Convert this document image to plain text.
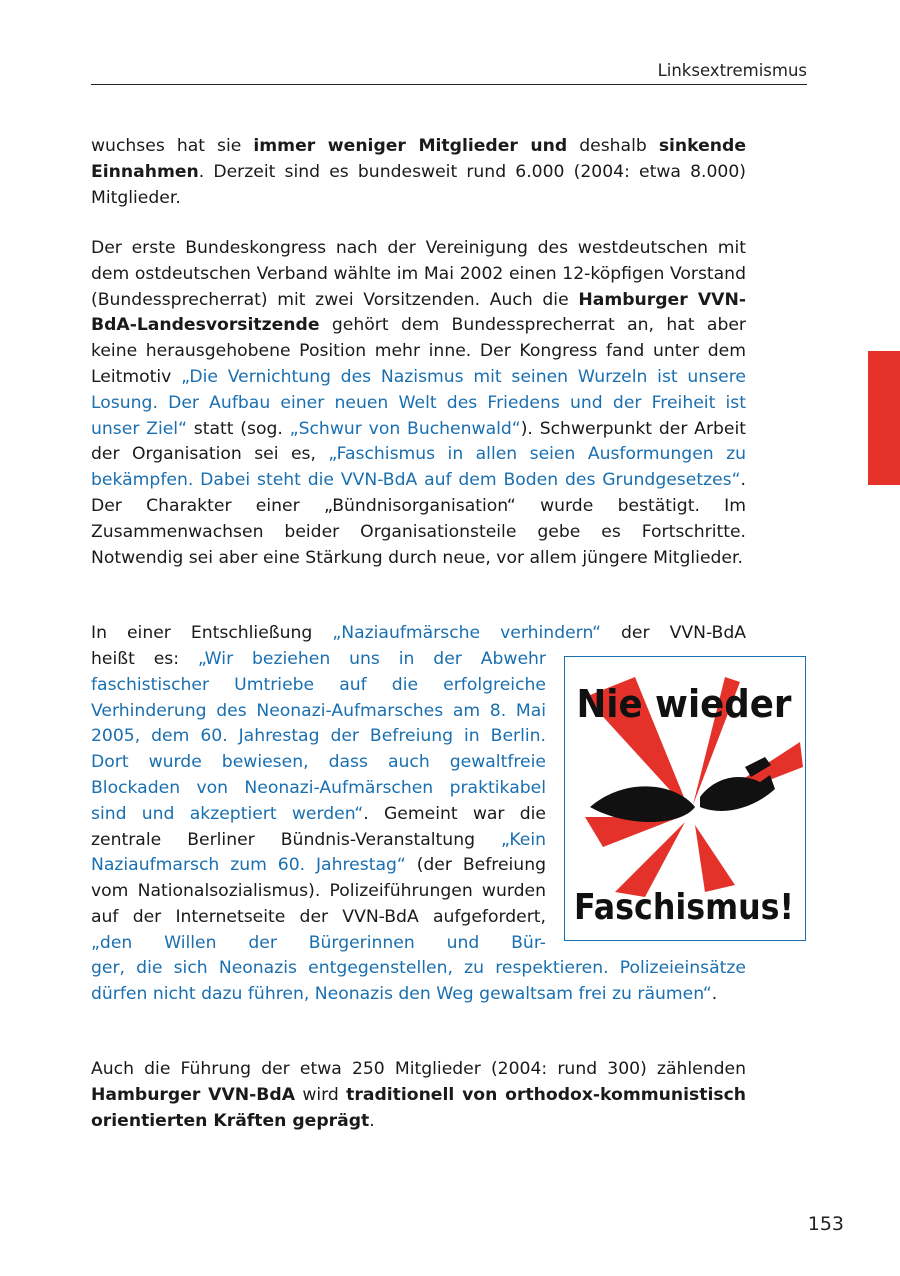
Linksextremismus

wuchses hat sie immer weniger Mitglieder und deshalb sinkende Einnahmen. Derzeit sind es bundesweit rund 6.000 (2004: etwa 8.000) Mitglieder.

Der erste Bundeskongress nach der Vereinigung des westdeutschen mit dem ostdeutschen Verband wählte im Mai 2002 einen 12-köpfigen Vorstand (Bundessprecherrat) mit zwei Vorsitzenden. Auch die Hamburger VVN-BdA-Landesvorsitzende gehört dem Bundessprecherrat an, hat aber keine herausgehobene Position mehr inne. Der Kongress fand unter dem Leitmotiv „Die Vernichtung des Nazismus mit seinen Wurzeln ist unsere Losung. Der Aufbau einer neuen Welt des Friedens und der Freiheit ist unser Ziel“ statt (sog. „Schwur von Buchenwald“). Schwerpunkt der Arbeit der Organisation sei es, „Faschismus in allen seien Ausformungen zu bekämpfen. Dabei steht die VVN-BdA auf dem Boden des Grundgesetzes“. Der Charakter einer „Bündnisorganisation“ wurde bestätigt. Im Zusammenwachsen beider Organisationsteile gebe es Fortschritte. Notwendig sei aber eine Stärkung durch neue, vor allem jüngere Mitglieder.

In einer Entschließung „Naziaufmärsche verhindern“ der VVN-BdA

heißt es: „Wir beziehen uns in der Abwehr faschistischer Umtriebe auf die erfolgreiche Verhinderung des Neonazi-Aufmarsches am 8. Mai 2005, dem 60. Jahrestag der Befreiung in Berlin. Dort wurde bewiesen, dass auch gewaltfreie Blockaden von Neonazi-Aufmärschen praktikabel sind und akzeptiert werden“. Gemeint war die zentrale Berliner Bündnis-Veranstaltung „Kein Naziaufmarsch zum 60. Jahrestag“ (der Befreiung vom Nationalsozialismus). Polizeiführungen wurden auf der Internetseite der VVN-BdA aufgefordert, „den Willen der Bürgerinnen und Bür-
ger, die sich Neonazis entgegenstellen, zu respektieren. Polizeieinsätze dürfen nicht dazu führen, Neonazis den Weg gewaltsam frei zu räumen“.
Nie wieder
Faschismus!

Auch die Führung der etwa 250 Mitglieder (2004: rund 300) zählenden Hamburger VVN-BdA wird traditionell von orthodox-kommunistisch orientierten Kräften geprägt.

153
